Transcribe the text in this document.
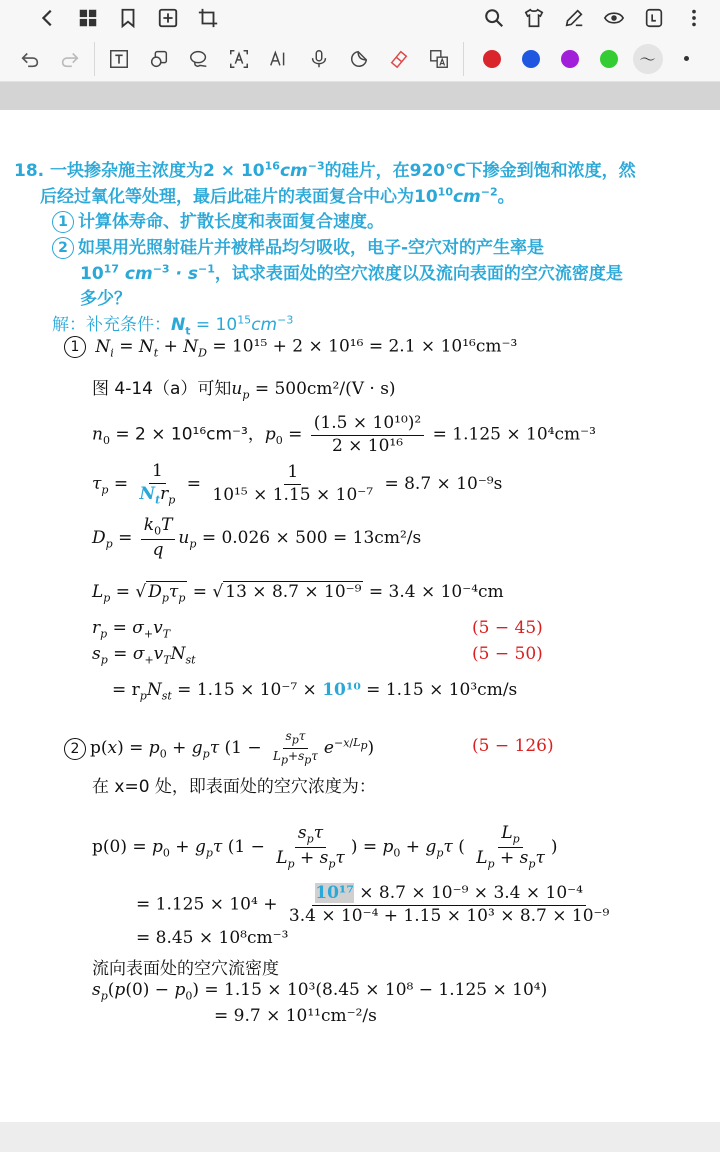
〜
18. 一块掺杂施主浓度为$2 \times 10^{16}cm^{-3}$的硅片，在920℃下掺金到饱和浓度，然
后经过氧化等处理，最后此硅片的表面复合中心为$10^{10}cm^{-2}$。
1 计算体寿命、扩散长度和表面复合速度。
2 如果用光照射硅片并被样品均匀吸收，电子-空穴对的产生率是
$10^{17}$ $cm^{-3} \cdot s^{-1}$，试求表面处的空穴浓度以及流向表面的空穴流密度是
多少？
解：补充条件：$N_t = 10^{15}cm^{-3}$
1 $N_i = N_t + N_D = 10^{15} + 2 \times 10^{16} = 2.1 \times 10^{16}cm^{-3}$
图 4-14（a）可知$u_p = 500cm^2/(V \cdot s)$
$n_0 = 2 \times 10^{16}cm^{-3}$，$p_0 = \frac{\text{(1.5 × 10¹⁰)²}}{\text{2 × 10¹⁶}} = 1.125 \times 10^4cm^{-3}$
$\tau_p = \frac{1}{N_tr_p} = \frac{1}{\text{10¹⁵ × 1.15 × 10⁻⁷}} = 8.7 \times 10^{-9}s$
$D_p = \frac{k_0T}{q} u_p = 0.026 \times 500 = 13cm^2/s$
$L_p$ = √ $D_p\tau_p$ = √ 13 × 8.7 × 10⁻⁹ = 3.4 × 10⁻⁴cm
$r_p = \sigma_+v_T$	(5 − 45)
$s_p = \sigma_+v_TN_{st}$	(5 − 50)
= $r_pN_{st} = 1.15 \times 10^{-7} \times 10^{10} = 1.15 \times 10^3cm/s$
2 $p(x) = p_0 + g_p\tau$ $(1 - \frac{s_p\tau}{L_p+s_p\tau} e^{-x/L_p})$	(5 − 126)
在 x=0 处，即表面处的空穴浓度为：
$p(0) = p_0 + g_p\tau$ ($1 - \frac{s_p\tau}{L_p + s_p\tau}$ ) = $p_0 + g_p\tau$ ( $\frac{L_p}{L_p + s_p\tau}$ )
= $1.125 \times 10^4 + \frac{\text{10¹⁷ × 8.7 × 10⁻⁹ × 3.4 × 10⁻⁴}}{\text{3.4 × 10⁻⁴ + 1.15 × 10³ × 8.7 × 10⁻⁹}}$
= 8.45 × 10⁸cm⁻³
流向表面处的空穴流密度
$s_p(p(0) - p_0) = 1.15 \times 10^3(8.45 \times 10^8 - 1.125 \times 10^4)$
= 9.7 × 10¹¹cm⁻²/s
